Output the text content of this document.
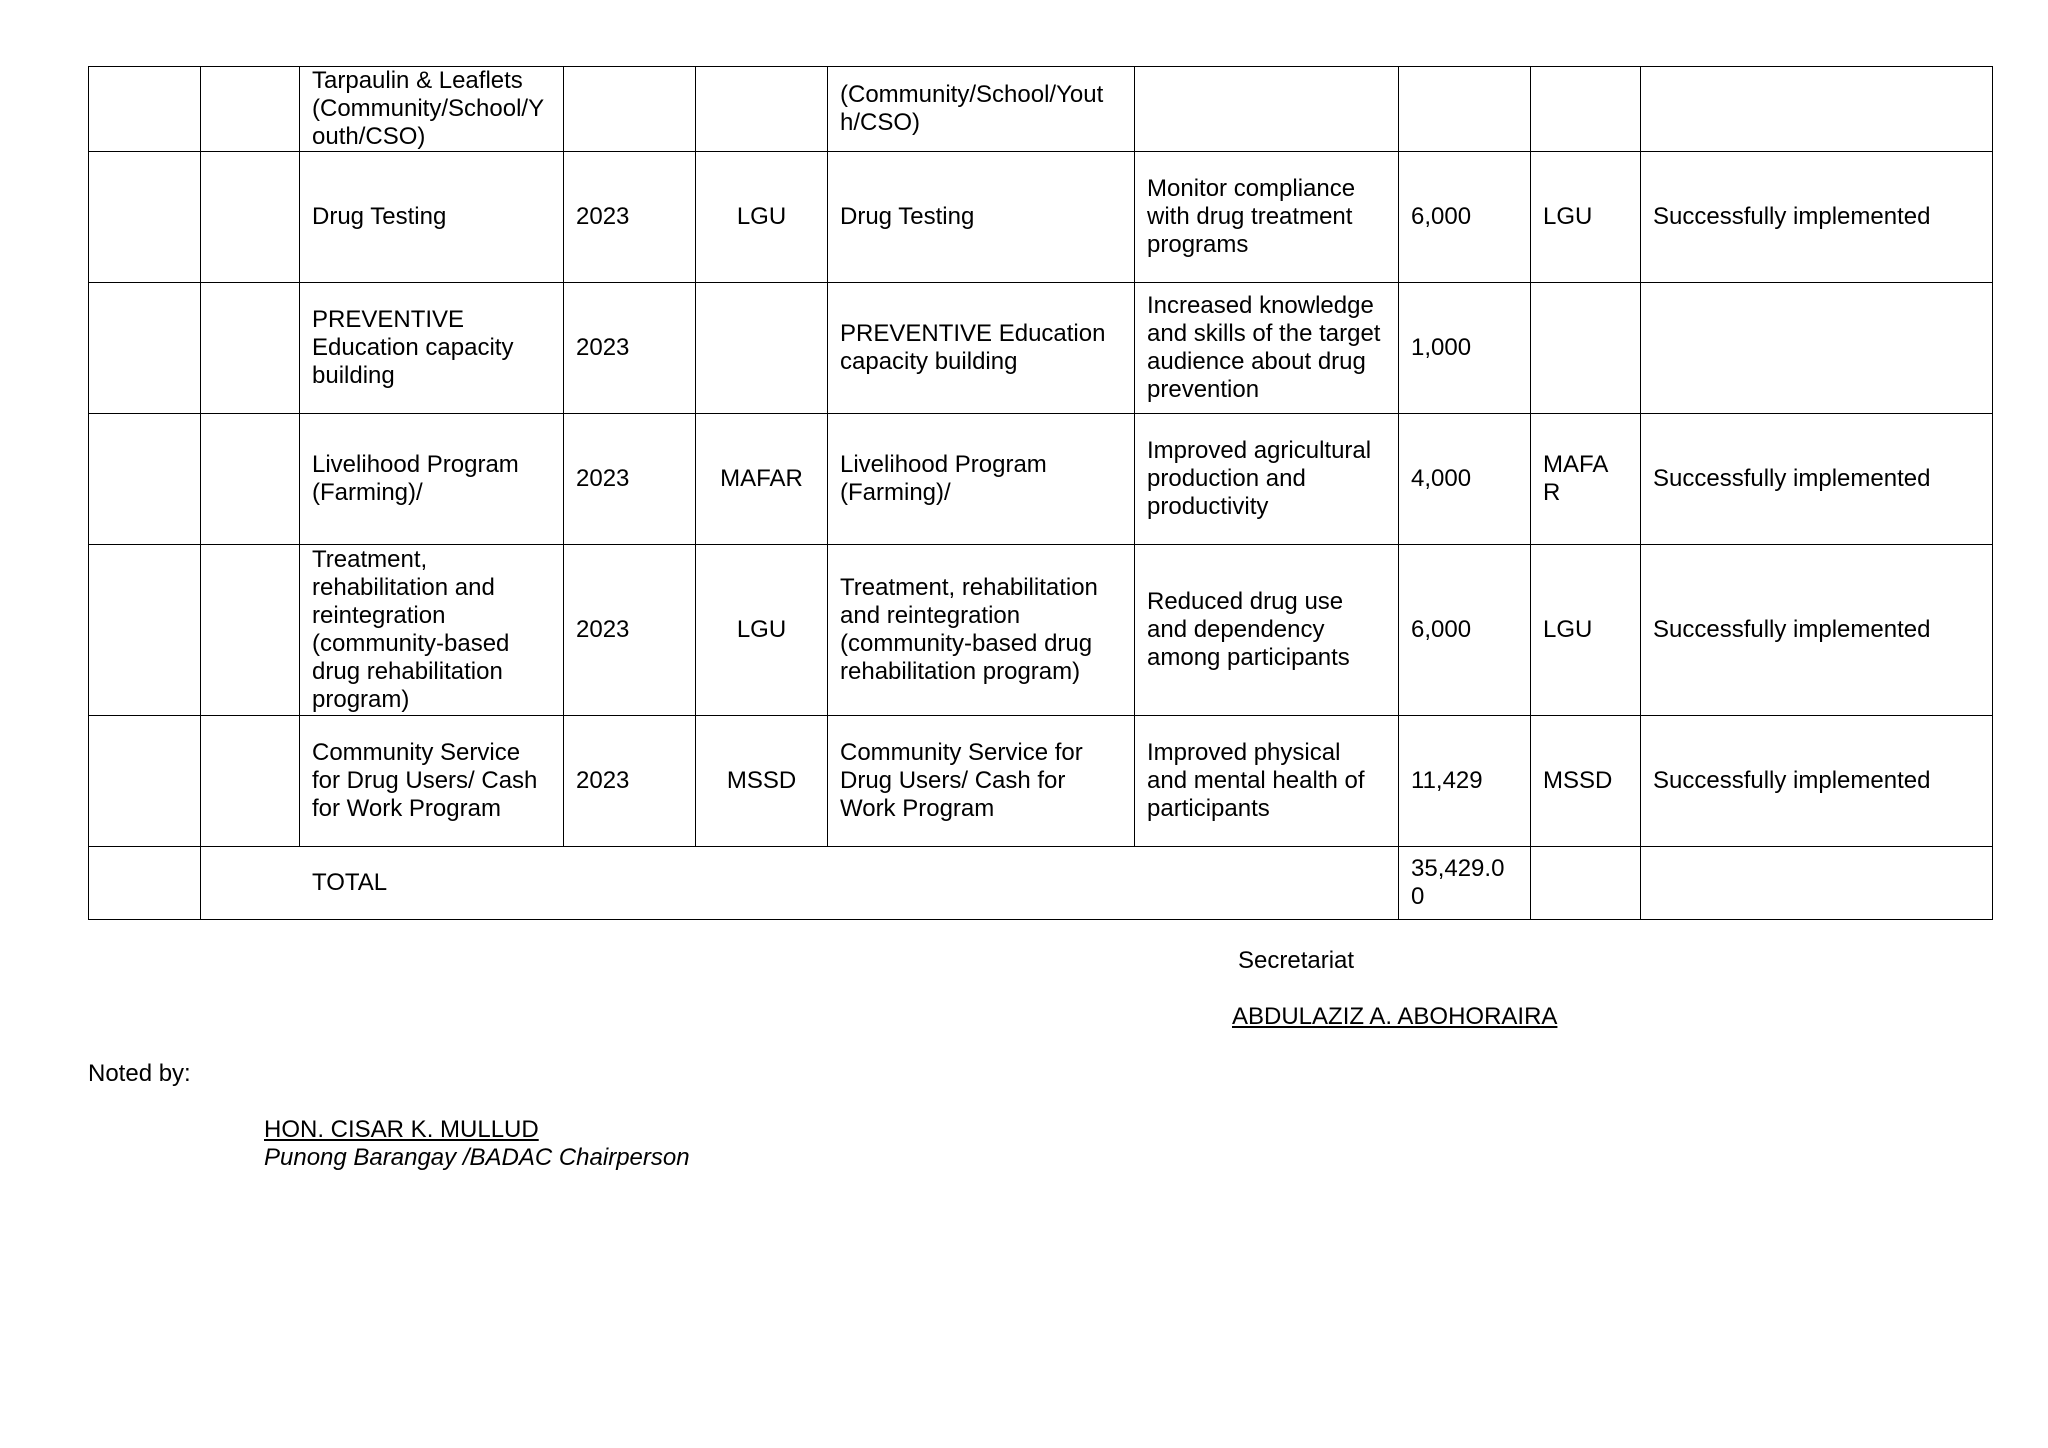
		Tarpaulin & Leaflets (Community/School/Y outh/CSO)			(Community/School/Yout h/CSO)				
		Drug Testing	2023	LGU	Drug Testing	Monitor compliance with drug treatment programs	6,000	LGU	Successfully implemented
		PREVENTIVE Education capacity building	2023		PREVENTIVE Education capacity building	Increased knowledge and skills of the target audience about drug prevention	1,000		
		Livelihood Program (Farming)/	2023	MAFAR	Livelihood Program (Farming)/	Improved agricultural production and productivity	4,000	MAFA R	Successfully implemented
		Treatment, rehabilitation and reintegration (community-based drug rehabilitation program)	2023	LGU	Treatment, rehabilitation and reintegration (community-based drug rehabilitation program)	Reduced drug use and dependency among participants	6,000	LGU	Successfully implemented
		Community Service for Drug Users/ Cash for Work Program	2023	MSSD	Community Service for Drug Users/ Cash for Work Program	Improved physical and mental health of participants	11,429	MSSD	Successfully implemented
	TOTAL						35,429.0 0		
Secretariat
ABDULAZIZ A. ABOHORAIRA
Noted by:
HON. CISAR K. MULLUD
Punong Barangay /BADAC Chairperson
